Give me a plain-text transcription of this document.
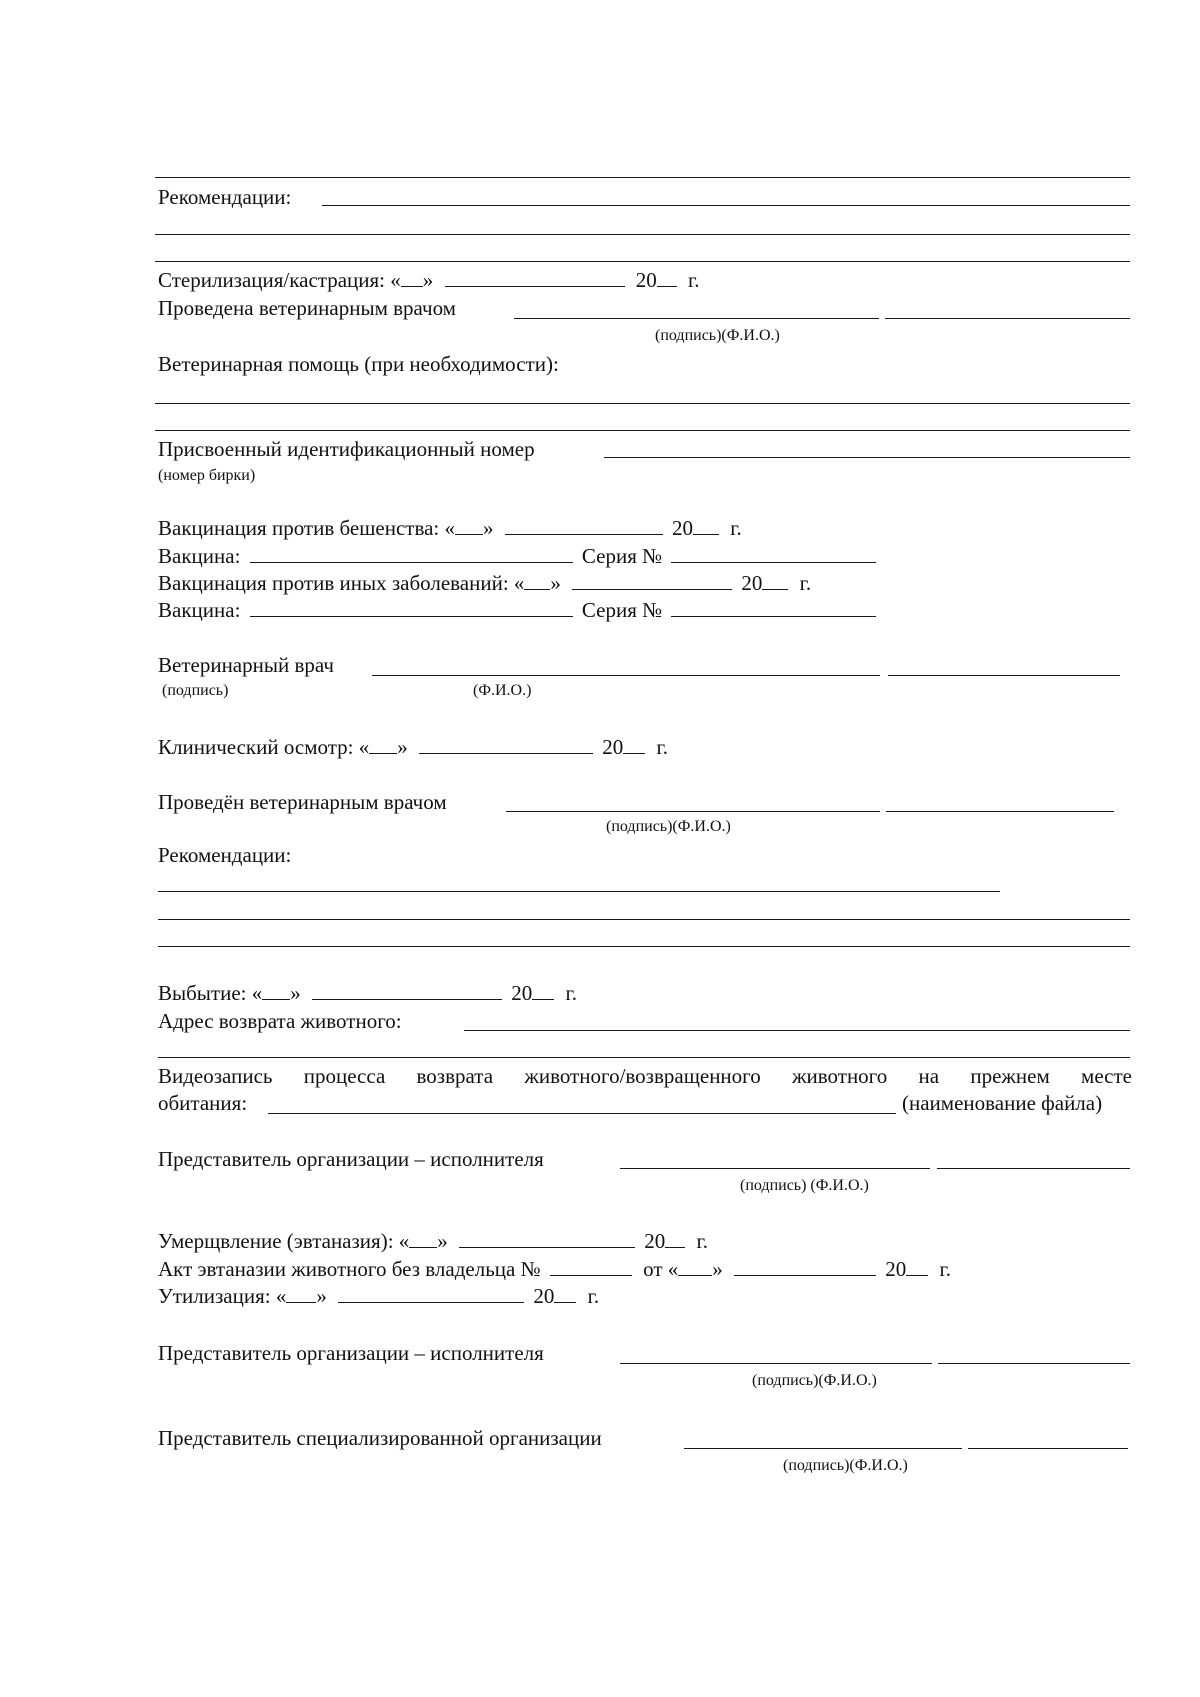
Рекомендации:
Стерилизация/кастрация: « »	20 г.
Проведена ветеринарным врачом
(подпись)(Ф.И.О.)
Ветеринарная помощь (при необходимости):
Присвоенный идентификационный номер
(номер бирки)
Вакцинация против бешенства: « »	20 г.
Вакцина:	Серия №
Вакцинация против иных заболеваний: « »	20 г.
Вакцина:	Серия №
Ветеринарный врач
(подпись)	(Ф.И.О.)
Клинический осмотр: « »	20 г.
Проведён ветеринарным врачом
(подпись)(Ф.И.О.)
Рекомендации:
Выбытие: « »	20 г.
Адрес возврата животного:
Видеозапись процесса возврата животного/возвращенного животного на прежнем месте
обитания:	(наименование файла)
Представитель организации – исполнителя
(подпись) (Ф.И.О.)
Умерщвление (эвтаназия): « »	20 г.
Акт эвтаназии животного без владельца №	от « »	20 г.
Утилизация: « »	20 г.
Представитель организации – исполнителя
(подпись)(Ф.И.О.)
Представитель специализированной организации
(подпись)(Ф.И.О.)
